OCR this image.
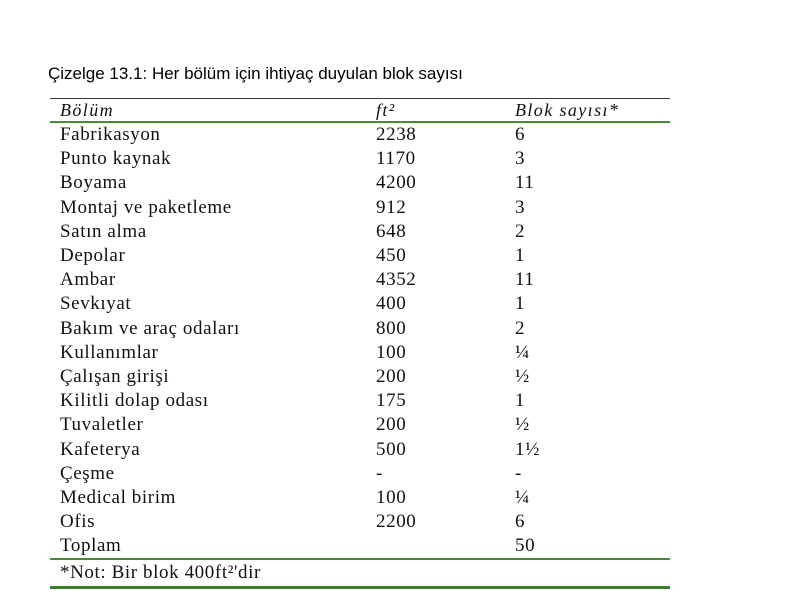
Çizelge 13.1: Her bölüm için ihtiyaç duyulan blok sayısı
Bölüm	ft²	Blok sayısı*
Fabrikasyon	2238	6
Punto kaynak	1170	3
Boyama	4200	11
Montaj ve paketleme	912	3
Satın alma	648	2
Depolar	450	1
Ambar	4352	11
Sevkıyat	400	1
Bakım ve araç odaları	800	2
Kullanımlar	100	¼
Çalışan girişi	200	½
Kilitli dolap odası	175	1
Tuvaletler	200	½
Kafeterya	500	1½
Çeşme	-	-
Medical birim	100	¼
Ofis	2200	6
Toplam		50
*Not: Bir blok 400ft²'dir
